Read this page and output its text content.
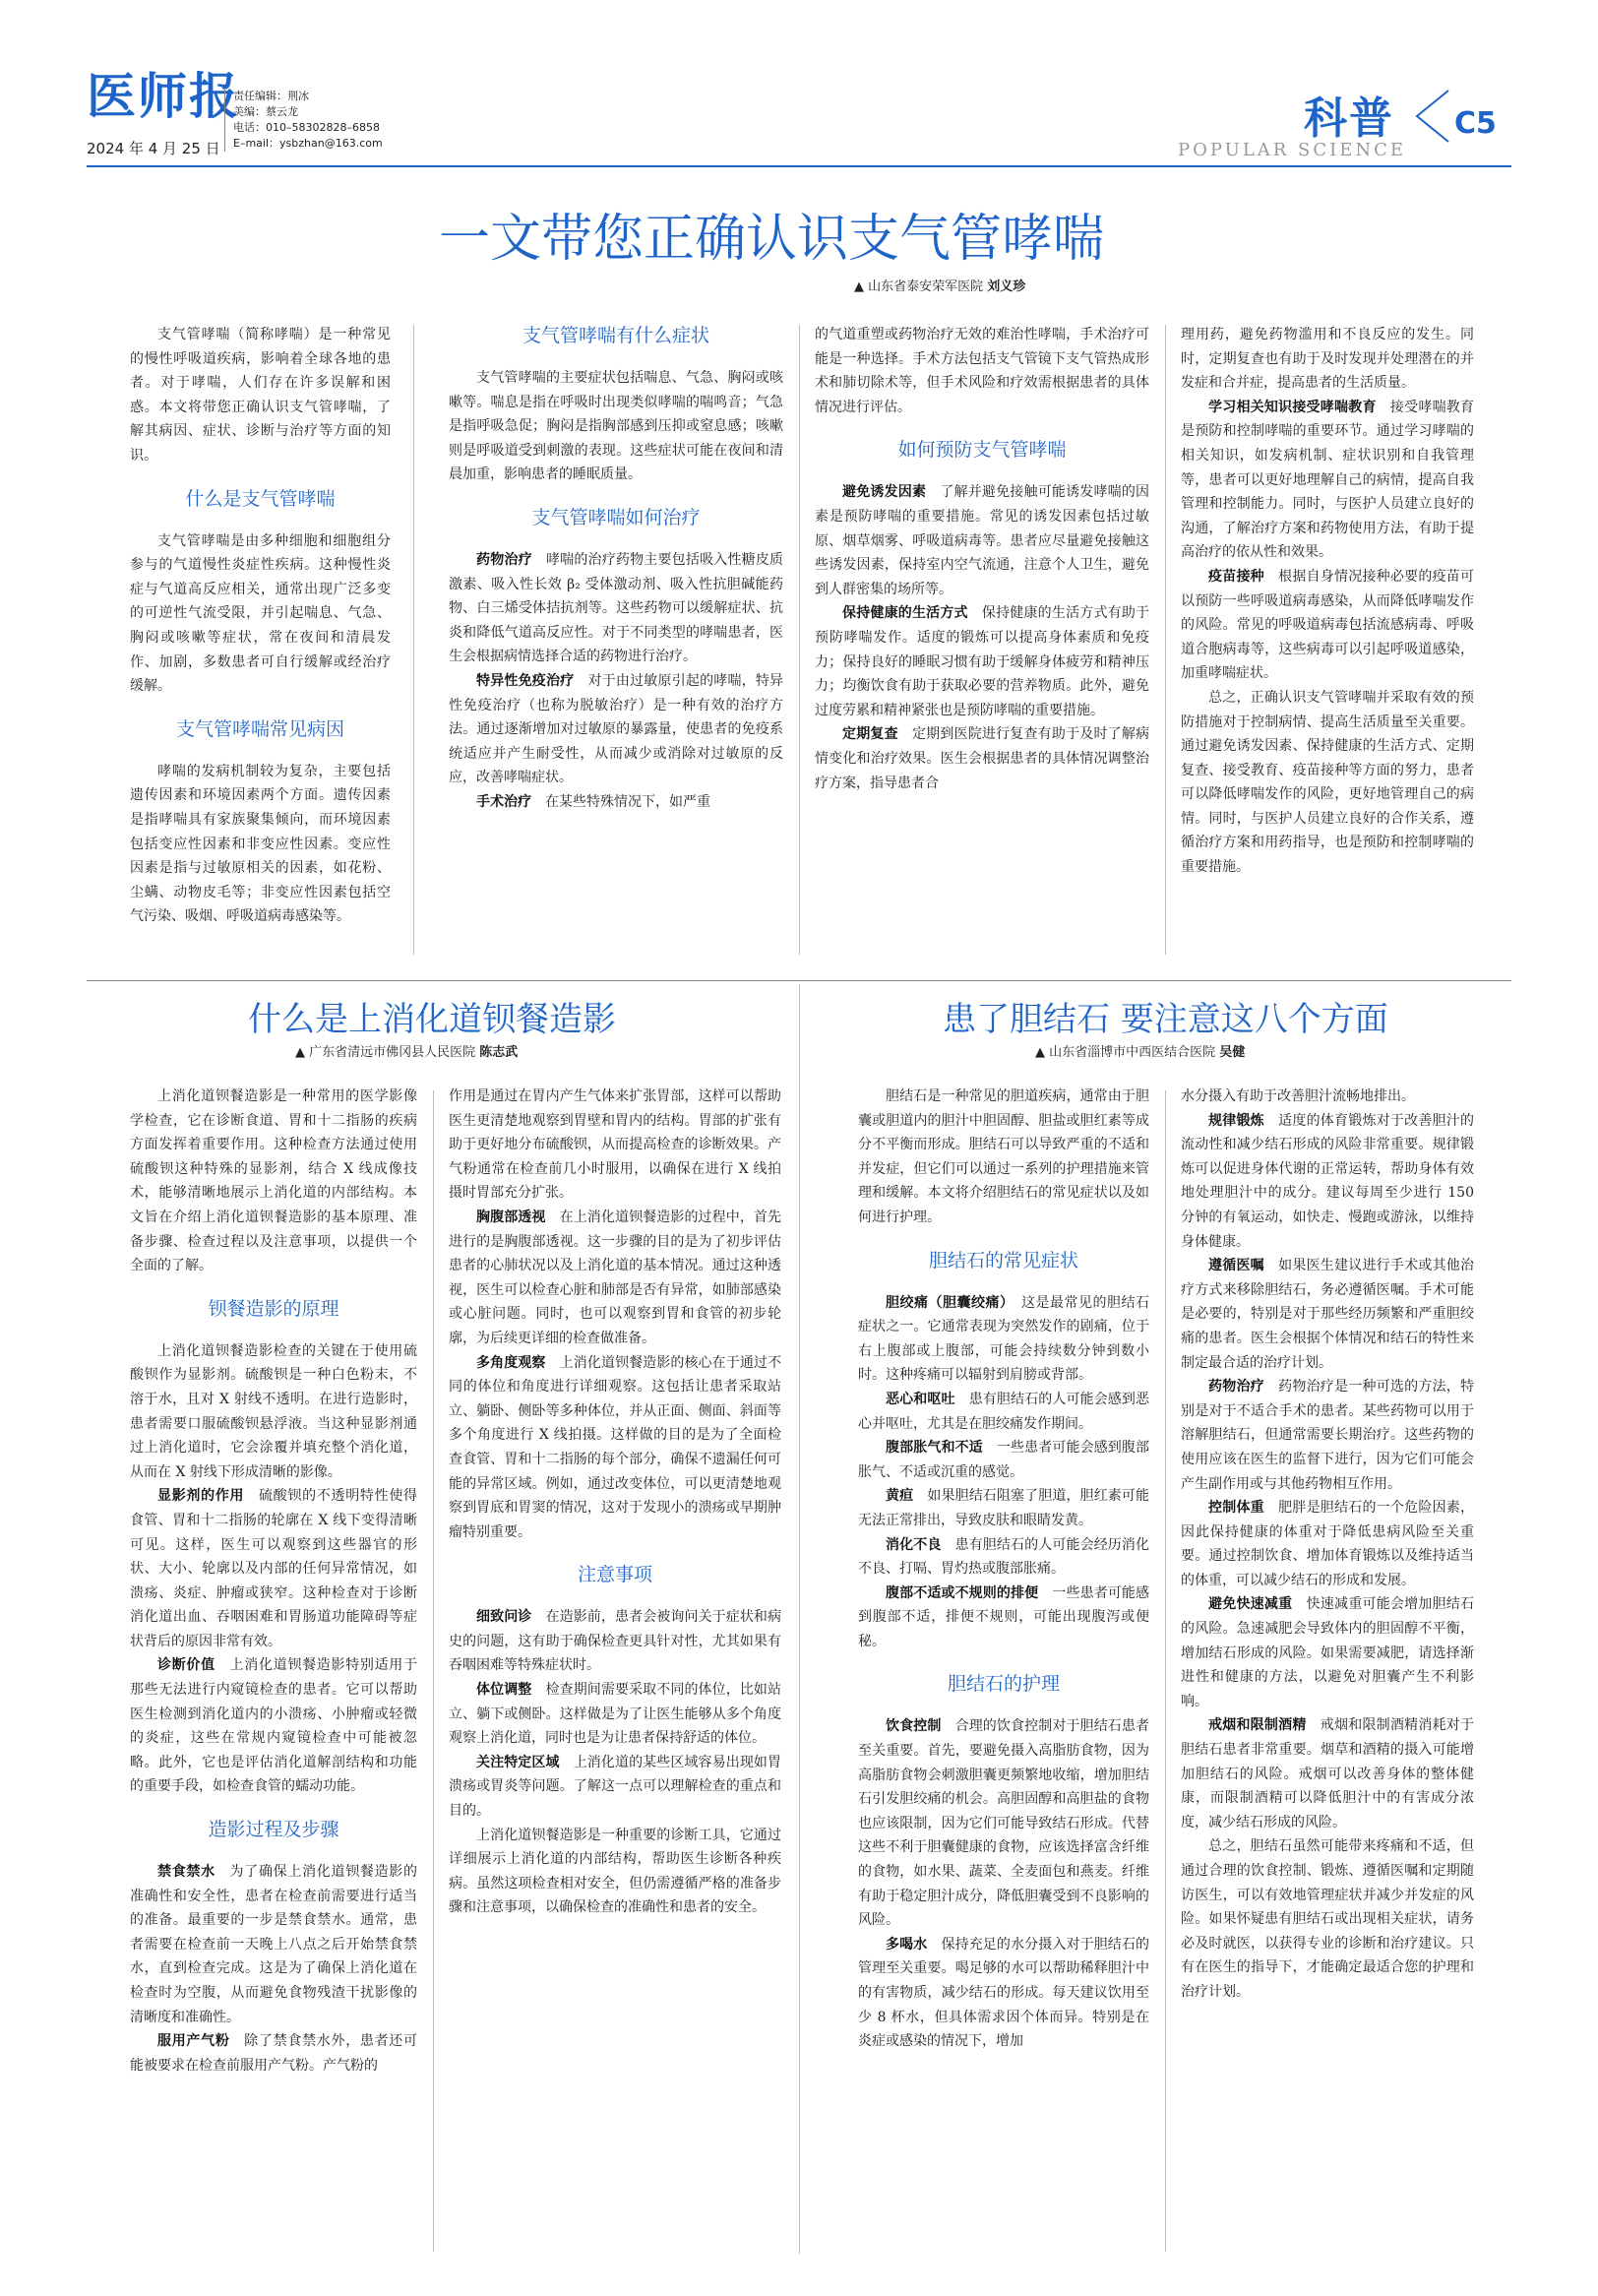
医师报
2024 年 4 月 25 日
责任编辑：荆冰
美编：蔡云龙
电话：010–58302828–6858
E–mail：ysbzhan@163.com	科普
POPULAR SCIENCE
C5
一文带您正确认识支气管哮喘
▲ 山东省泰安荣军医院 刘义珍

支气管哮喘（简称哮喘）是一种常见的慢性呼吸道疾病，影响着全球各地的患者。对于哮喘，人们存在许多误解和困惑。本文将带您正确认识支气管哮喘，了解其病因、症状、诊断与治疗等方面的知识。

什么是支气管哮喘

支气管哮喘是由多种细胞和细胞组分参与的气道慢性炎症性疾病。这种慢性炎症与气道高反应相关，通常出现广泛多变的可逆性气流受限，并引起喘息、气急、胸闷或咳嗽等症状，常在夜间和清晨发作、加剧，多数患者可自行缓解或经治疗缓解。

支气管哮喘常见病因

哮喘的发病机制较为复杂，主要包括遗传因素和环境因素两个方面。遗传因素是指哮喘具有家族聚集倾向，而环境因素包括变应性因素和非变应性因素。变应性因素是指与过敏原相关的因素，如花粉、尘螨、动物皮毛等；非变应性因素包括空气污染、吸烟、呼吸道病毒感染等。

支气管哮喘有什么症状

支气管哮喘的主要症状包括喘息、气急、胸闷或咳嗽等。喘息是指在呼吸时出现类似哮喘的喘鸣音；气急是指呼吸急促；胸闷是指胸部感到压抑或窒息感；咳嗽则是呼吸道受到刺激的表现。这些症状可能在夜间和清晨加重，影响患者的睡眠质量。

支气管哮喘如何治疗

药物治疗　 哮喘的治疗药物主要包括吸入性糖皮质激素、吸入性长效 β₂ 受体激动剂、吸入性抗胆碱能药物、白三烯受体拮抗剂等。这些药物可以缓解症状、抗炎和降低气道高反应性。对于不同类型的哮喘患者，医生会根据病情选择合适的药物进行治疗。

特异性免疫治疗　 对于由过敏原引起的哮喘，特异性免疫治疗（也称为脱敏治疗）是一种有效的治疗方法。通过逐渐增加对过敏原的暴露量，使患者的免疫系统适应并产生耐受性，从而减少或消除对过敏原的反应，改善哮喘症状。

手术治疗　 在某些特殊情况下，如严重

的气道重塑或药物治疗无效的难治性哮喘，手术治疗可能是一种选择。手术方法包括支气管镜下支气管热成形术和肺切除术等，但手术风险和疗效需根据患者的具体情况进行评估。

如何预防支气管哮喘

避免诱发因素　 了解并避免接触可能诱发哮喘的因素是预防哮喘的重要措施。常见的诱发因素包括过敏原、烟草烟雾、呼吸道病毒等。患者应尽量避免接触这些诱发因素，保持室内空气流通，注意个人卫生，避免到人群密集的场所等。

保持健康的生活方式　 保持健康的生活方式有助于预防哮喘发作。适度的锻炼可以提高身体素质和免疫力；保持良好的睡眠习惯有助于缓解身体疲劳和精神压力；均衡饮食有助于获取必要的营养物质。此外，避免过度劳累和精神紧张也是预防哮喘的重要措施。

定期复查　 定期到医院进行复查有助于及时了解病情变化和治疗效果。医生会根据患者的具体情况调整治疗方案，指导患者合

理用药，避免药物滥用和不良反应的发生。同时，定期复查也有助于及时发现并处理潜在的并发症和合并症，提高患者的生活质量。

学习相关知识接受哮喘教育　 接受哮喘教育是预防和控制哮喘的重要环节。通过学习哮喘的相关知识，如发病机制、症状识别和自我管理等，患者可以更好地理解自己的病情，提高自我管理和控制能力。同时，与医护人员建立良好的沟通，了解治疗方案和药物使用方法，有助于提高治疗的依从性和效果。

疫苗接种　 根据自身情况接种必要的疫苗可以预防一些呼吸道病毒感染，从而降低哮喘发作的风险。常见的呼吸道病毒包括流感病毒、呼吸道合胞病毒等，这些病毒可以引起呼吸道感染，加重哮喘症状。

总之，正确认识支气管哮喘并采取有效的预防措施对于控制病情、提高生活质量至关重要。通过避免诱发因素、保持健康的生活方式、定期复查、接受教育、疫苗接种等方面的努力，患者可以降低哮喘发作的风险，更好地管理自己的病情。同时，与医护人员建立良好的合作关系，遵循治疗方案和用药指导，也是预防和控制哮喘的重要措施。

什么是上消化道钡餐造影
▲ 广东省清远市佛冈县人民医院 陈志武

上消化道钡餐造影是一种常用的医学影像学检查，它在诊断食道、胃和十二指肠的疾病方面发挥着重要作用。这种检查方法通过使用硫酸钡这种特殊的显影剂，结合 X 线成像技术，能够清晰地展示上消化道的内部结构。本文旨在介绍上消化道钡餐造影的基本原理、准备步骤、检查过程以及注意事项，以提供一个全面的了解。

钡餐造影的原理

上消化道钡餐造影检查的关键在于使用硫酸钡作为显影剂。硫酸钡是一种白色粉末，不溶于水，且对 X 射线不透明。在进行造影时，患者需要口服硫酸钡悬浮液。当这种显影剂通过上消化道时，它会涂覆并填充整个消化道，从而在 X 射线下形成清晰的影像。

显影剂的作用　 硫酸钡的不透明特性使得食管、胃和十二指肠的轮廓在 X 线下变得清晰可见。这样，医生可以观察到这些器官的形状、大小、轮廓以及内部的任何异常情况，如溃疡、炎症、肿瘤或狭窄。这种检查对于诊断消化道出血、吞咽困难和胃肠道功能障碍等症状背后的原因非常有效。

诊断价值　 上消化道钡餐造影特别适用于那些无法进行内窥镜检查的患者。它可以帮助医生检测到消化道内的小溃疡、小肿瘤或轻微的炎症，这些在常规内窥镜检查中可能被忽略。此外，它也是评估消化道解剖结构和功能的重要手段，如检查食管的蠕动功能。

造影过程及步骤

禁食禁水　 为了确保上消化道钡餐造影的准确性和安全性，患者在检查前需要进行适当的准备。最重要的一步是禁食禁水。通常，患者需要在检查前一天晚上八点之后开始禁食禁水，直到检查完成。这是为了确保上消化道在检查时为空腹，从而避免食物残渣干扰影像的清晰度和准确性。

服用产气粉　 除了禁食禁水外，患者还可能被要求在检查前服用产气粉。产气粉的

作用是通过在胃内产生气体来扩张胃部，这样可以帮助医生更清楚地观察到胃壁和胃内的结构。胃部的扩张有助于更好地分布硫酸钡，从而提高检查的诊断效果。产气粉通常在检查前几小时服用，以确保在进行 X 线拍摄时胃部充分扩张。

胸腹部透视　 在上消化道钡餐造影的过程中，首先进行的是胸腹部透视。这一步骤的目的是为了初步评估患者的心肺状况以及上消化道的基本情况。通过这种透视，医生可以检查心脏和肺部是否有异常，如肺部感染或心脏问题。同时，也可以观察到胃和食管的初步轮廓，为后续更详细的检查做准备。

多角度观察　 上消化道钡餐造影的核心在于通过不同的体位和角度进行详细观察。这包括让患者采取站立、躺卧、侧卧等多种体位，并从正面、侧面、斜面等多个角度进行 X 线拍摄。这样做的目的是为了全面检查食管、胃和十二指肠的每个部分，确保不遗漏任何可能的异常区域。例如，通过改变体位，可以更清楚地观察到胃底和胃窦的情况，这对于发现小的溃疡或早期肿瘤特别重要。

注意事项

细致问诊　 在造影前，患者会被询问关于症状和病史的问题，这有助于确保检查更具针对性，尤其如果有吞咽困难等特殊症状时。

体位调整　 检查期间需要采取不同的体位，比如站立、躺下或侧卧。这样做是为了让医生能够从多个角度观察上消化道，同时也是为让患者保持舒适的体位。

关注特定区域　 上消化道的某些区域容易出现如胃溃疡或胃炎等问题。了解这一点可以理解检查的重点和目的。

上消化道钡餐造影是一种重要的诊断工具，它通过详细展示上消化道的内部结构，帮助医生诊断各种疾病。虽然这项检查相对安全，但仍需遵循严格的准备步骤和注意事项，以确保检查的准确性和患者的安全。

患了胆结石 要注意这八个方面
▲ 山东省淄博市中西医结合医院 吴健

胆结石是一种常见的胆道疾病，通常由于胆囊或胆道内的胆汁中胆固醇、胆盐或胆红素等成分不平衡而形成。胆结石可以导致严重的不适和并发症，但它们可以通过一系列的护理措施来管理和缓解。本文将介绍胆结石的常见症状以及如何进行护理。

胆结石的常见症状

胆绞痛（胆囊绞痛）　 这是最常见的胆结石症状之一。它通常表现为突然发作的剧痛，位于右上腹部或上腹部，可能会持续数分钟到数小时。这种疼痛可以辐射到肩膀或背部。

恶心和呕吐　 患有胆结石的人可能会感到恶心并呕吐，尤其是在胆绞痛发作期间。

腹部胀气和不适　 一些患者可能会感到腹部胀气、不适或沉重的感觉。

黄疸　 如果胆结石阻塞了胆道，胆红素可能无法正常排出，导致皮肤和眼睛发黄。

消化不良　 患有胆结石的人可能会经历消化不良、打嗝、胃灼热或腹部胀痛。

腹部不适或不规则的排便　 一些患者可能感到腹部不适，排便不规则，可能出现腹泻或便秘。

胆结石的护理

饮食控制　 合理的饮食控制对于胆结石患者至关重要。首先，要避免摄入高脂肪食物，因为高脂肪食物会刺激胆囊更频繁地收缩，增加胆结石引发胆绞痛的机会。高胆固醇和高胆盐的食物也应该限制，因为它们可能导致结石形成。代替这些不利于胆囊健康的食物，应该选择富含纤维的食物，如水果、蔬菜、全麦面包和燕麦。纤维有助于稳定胆汁成分，降低胆囊受到不良影响的风险。

多喝水　 保持充足的水分摄入对于胆结石的管理至关重要。喝足够的水可以帮助稀释胆汁中的有害物质，减少结石的形成。每天建议饮用至少 8 杯水，但具体需求因个体而异。特别是在炎症或感染的情况下，增加

水分摄入有助于改善胆汁流畅地排出。

规律锻炼　 适度的体育锻炼对于改善胆汁的流动性和减少结石形成的风险非常重要。规律锻炼可以促进身体代谢的正常运转，帮助身体有效地处理胆汁中的成分。建议每周至少进行 150 分钟的有氧运动，如快走、慢跑或游泳，以维持身体健康。

遵循医嘱　 如果医生建议进行手术或其他治疗方式来移除胆结石，务必遵循医嘱。手术可能是必要的，特别是对于那些经历频繁和严重胆绞痛的患者。医生会根据个体情况和结石的特性来制定最合适的治疗计划。

药物治疗　 药物治疗是一种可选的方法，特别是对于不适合手术的患者。某些药物可以用于溶解胆结石，但通常需要长期治疗。这些药物的使用应该在医生的监督下进行，因为它们可能会产生副作用或与其他药物相互作用。

控制体重　 肥胖是胆结石的一个危险因素，因此保持健康的体重对于降低患病风险至关重要。通过控制饮食、增加体育锻炼以及维持适当的体重，可以减少结石的形成和发展。

避免快速减重　 快速减重可能会增加胆结石的风险。急速减肥会导致体内的胆固醇不平衡，增加结石形成的风险。如果需要减肥，请选择渐进性和健康的方法，以避免对胆囊产生不利影响。

戒烟和限制酒精　 戒烟和限制酒精消耗对于胆结石患者非常重要。烟草和酒精的摄入可能增加胆结石的风险。戒烟可以改善身体的整体健康，而限制酒精可以降低胆汁中的有害成分浓度，减少结石形成的风险。

总之，胆结石虽然可能带来疼痛和不适，但通过合理的饮食控制、锻炼、遵循医嘱和定期随访医生，可以有效地管理症状并减少并发症的风险。如果怀疑患有胆结石或出现相关症状，请务必及时就医，以获得专业的诊断和治疗建议。只有在医生的指导下，才能确定最适合您的护理和治疗计划。
